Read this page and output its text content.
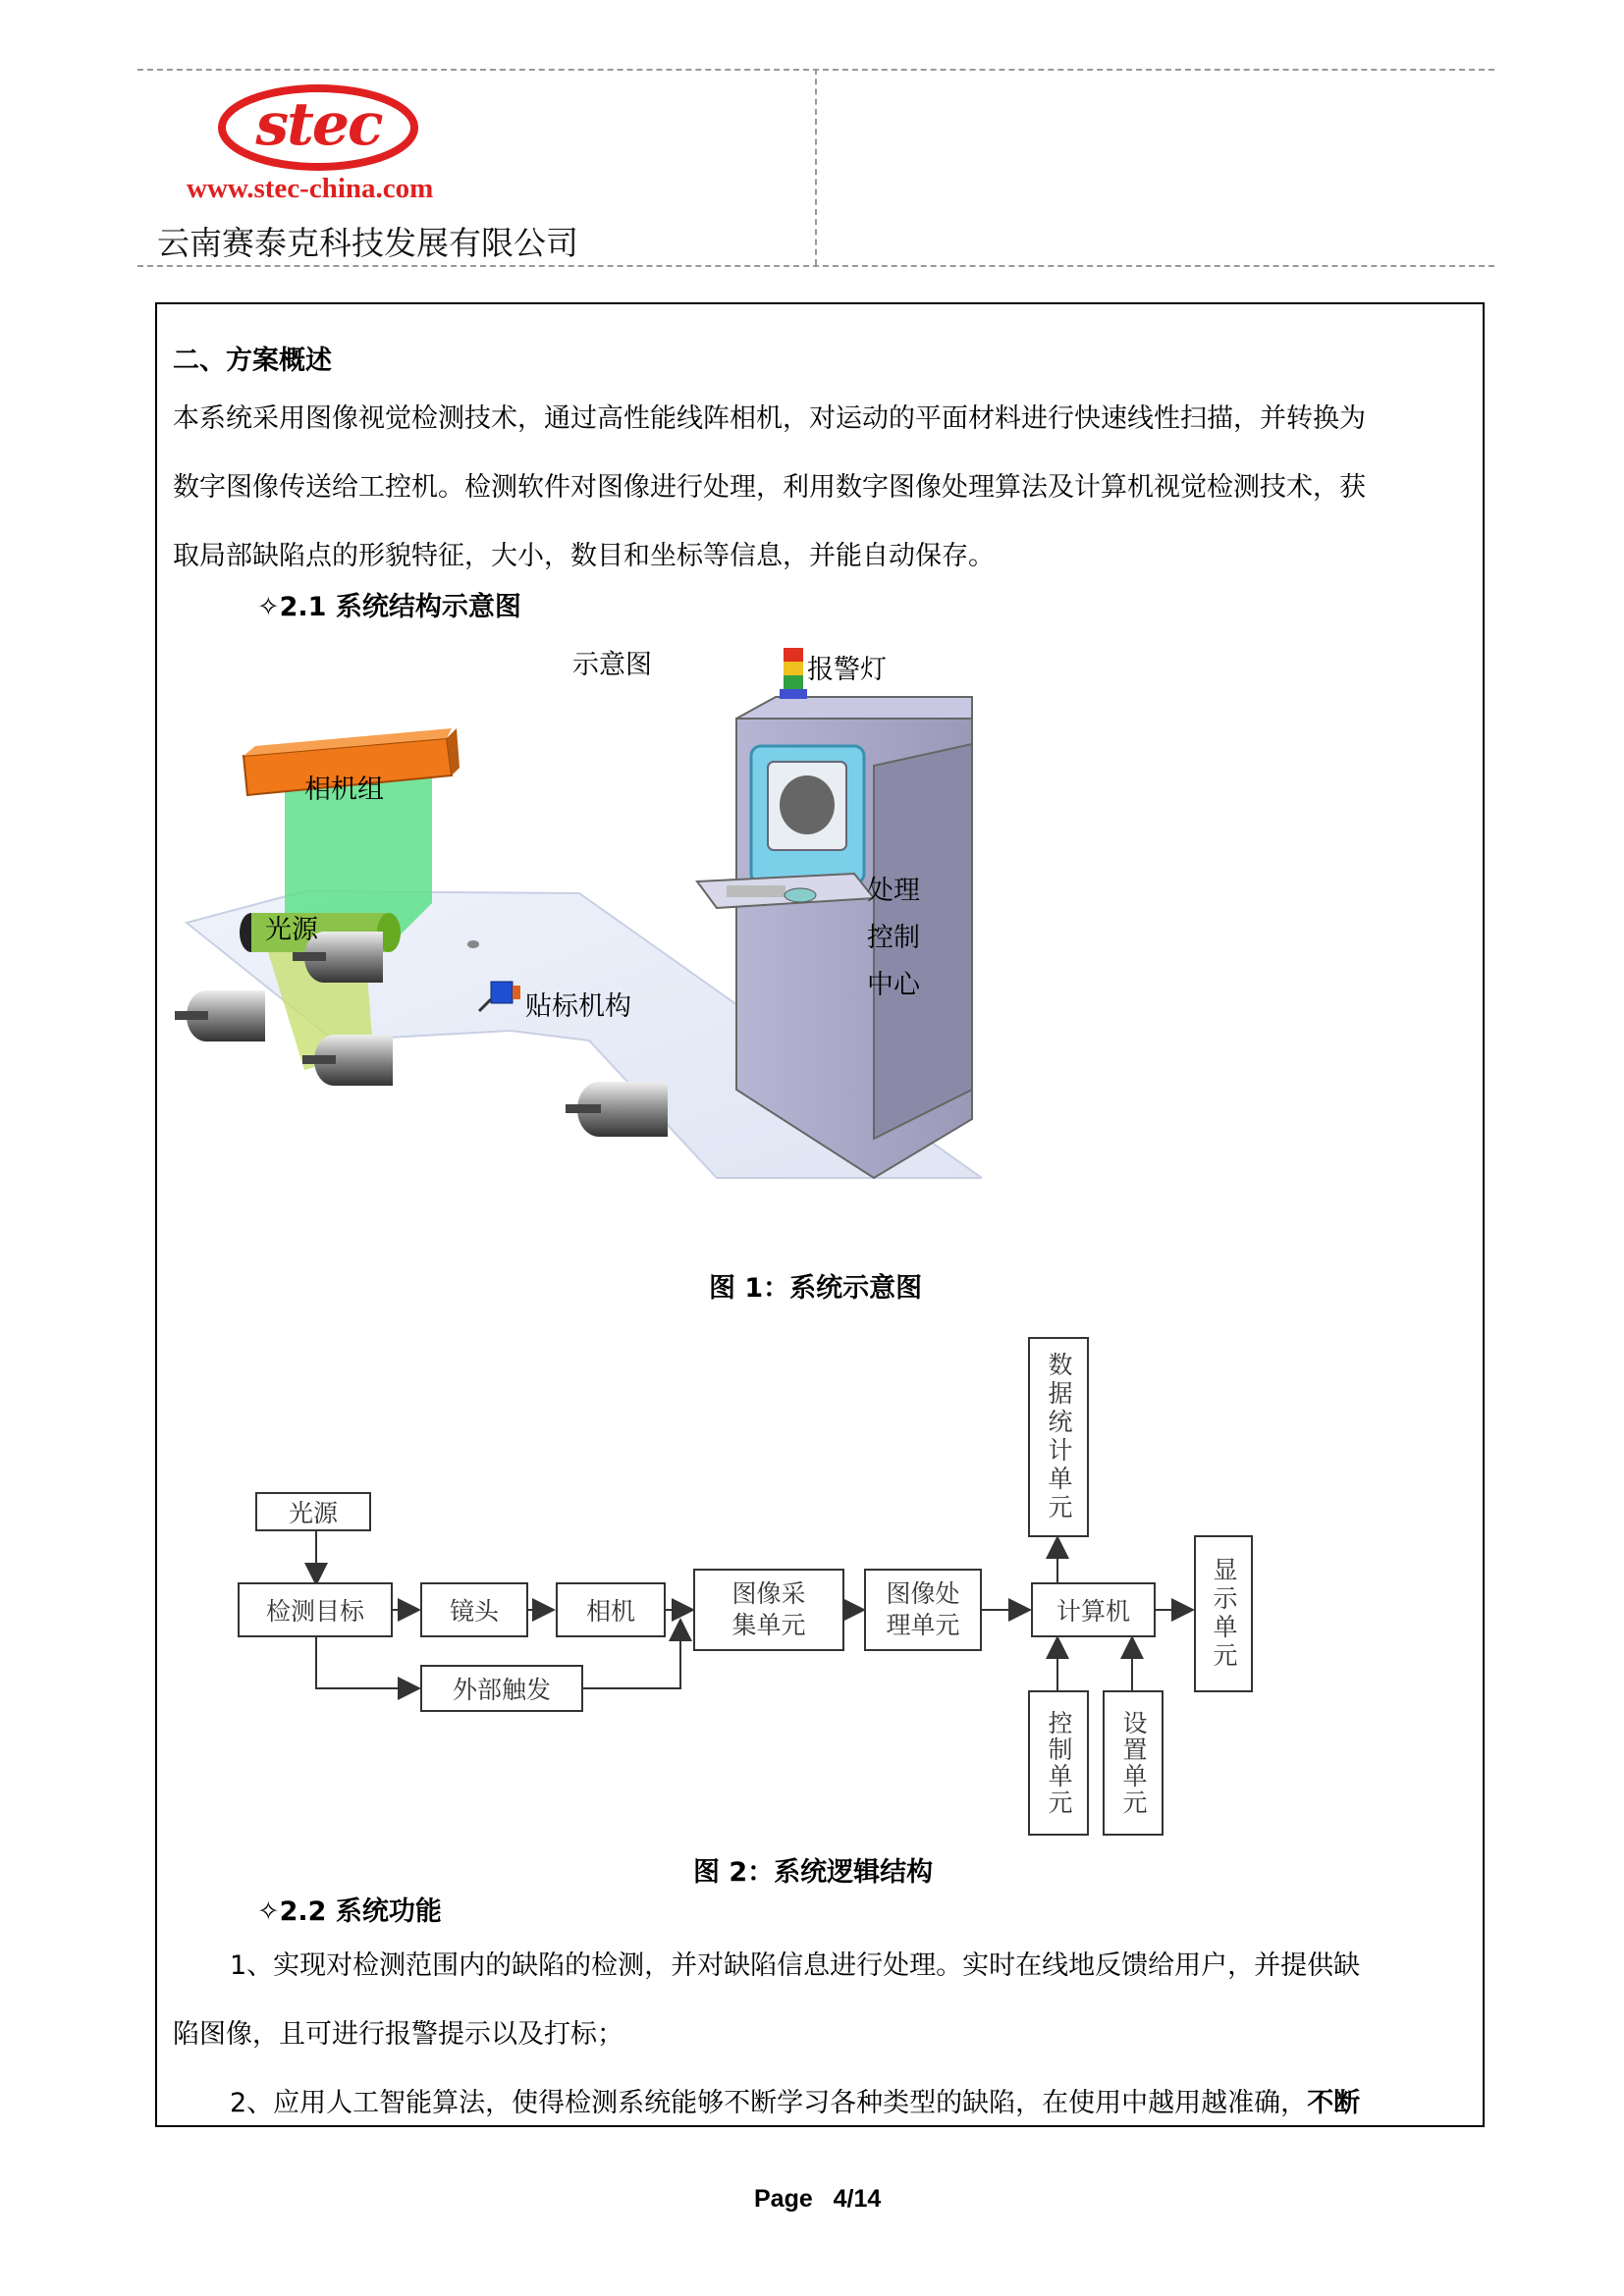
stec
www.stec-china.com
云南赛泰克科技发展有限公司
二、方案概述
本系统采用图像视觉检测技术，通过高性能线阵相机，对运动的平面材料进行快速线性扫描，并转换为
数字图像传送给工控机。检测软件对图像进行处理，利用数字图像处理算法及计算机视觉检测技术，获
取局部缺陷点的形貌特征，大小，数目和坐标等信息，并能自动保存。
✧2.1 系统结构示意图
示意图	报警灯
相机组
光源
贴标机构
处理
控制
中心
图 1：系统示意图
光源
检测目标	镜头	相机
外部触发
图像采
集单元
图像处
理单元	计算机
数据统计单元
显示单元
控制单元	设置单元
图 2：系统逻辑结构
✧2.2 系统功能
1、实现对检测范围内的缺陷的检测，并对缺陷信息进行处理。实时在线地反馈给用户，并提供缺
陷图像，且可进行报警提示以及打标；
2、应用人工智能算法，使得检测系统能够不断学习各种类型的缺陷，在使用中越用越准确，不断
Page 4/14
